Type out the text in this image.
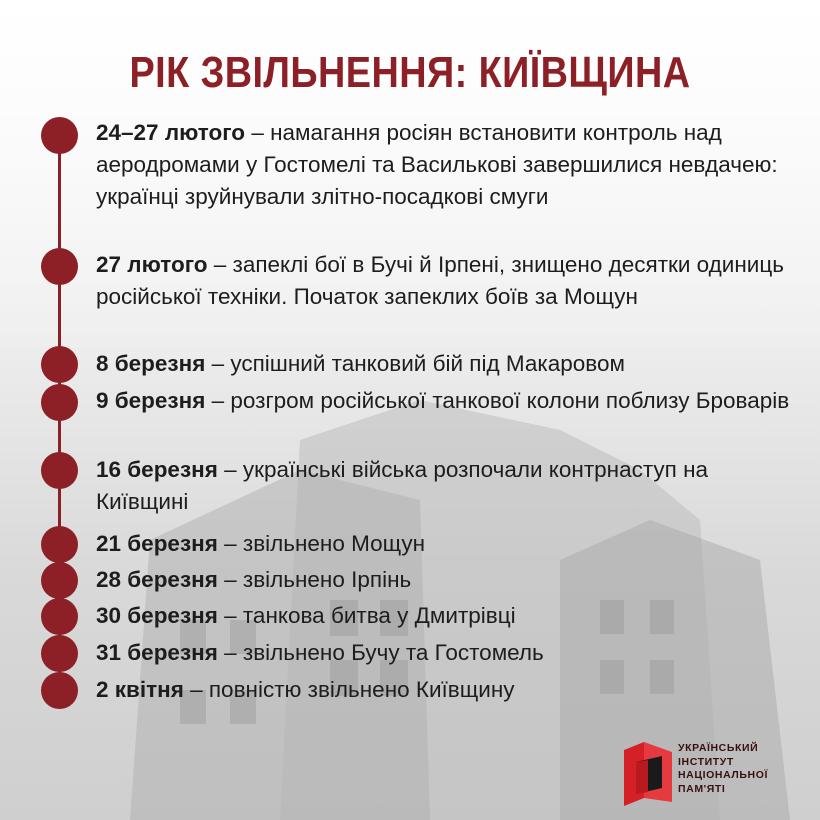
РІК ЗВІЛЬНЕННЯ: КИЇВЩИНА
24–27 лютого – намагання росіян встановити контроль над аеродромами у Гостомелі та Василькові завершилися невдачею: українці зруйнували злітно-посадкові смуги
27 лютого – запеклі бої в Бучі й Ірпені, знищено десятки одиниць російської техніки. Початок запеклих боїв за Мощун
8 березня – успішний танковий бій під Макаровом
9 березня – розгром російської танкової колони поблизу Броварів
16 березня – українські війська розпочали контрнаступ на Київщині
21 березня – звільнено Мощун
28 березня – звільнено Ірпінь
30 березня – танкова битва у Дмитрівці
31 березня – звільнено Бучу та Гостомель
2 квітня – повністю звільнено Київщину
УКРАЇНСЬКИЙ
ІНСТИТУТ
НАЦІОНАЛЬНОЇ
ПАМ'ЯТІ
